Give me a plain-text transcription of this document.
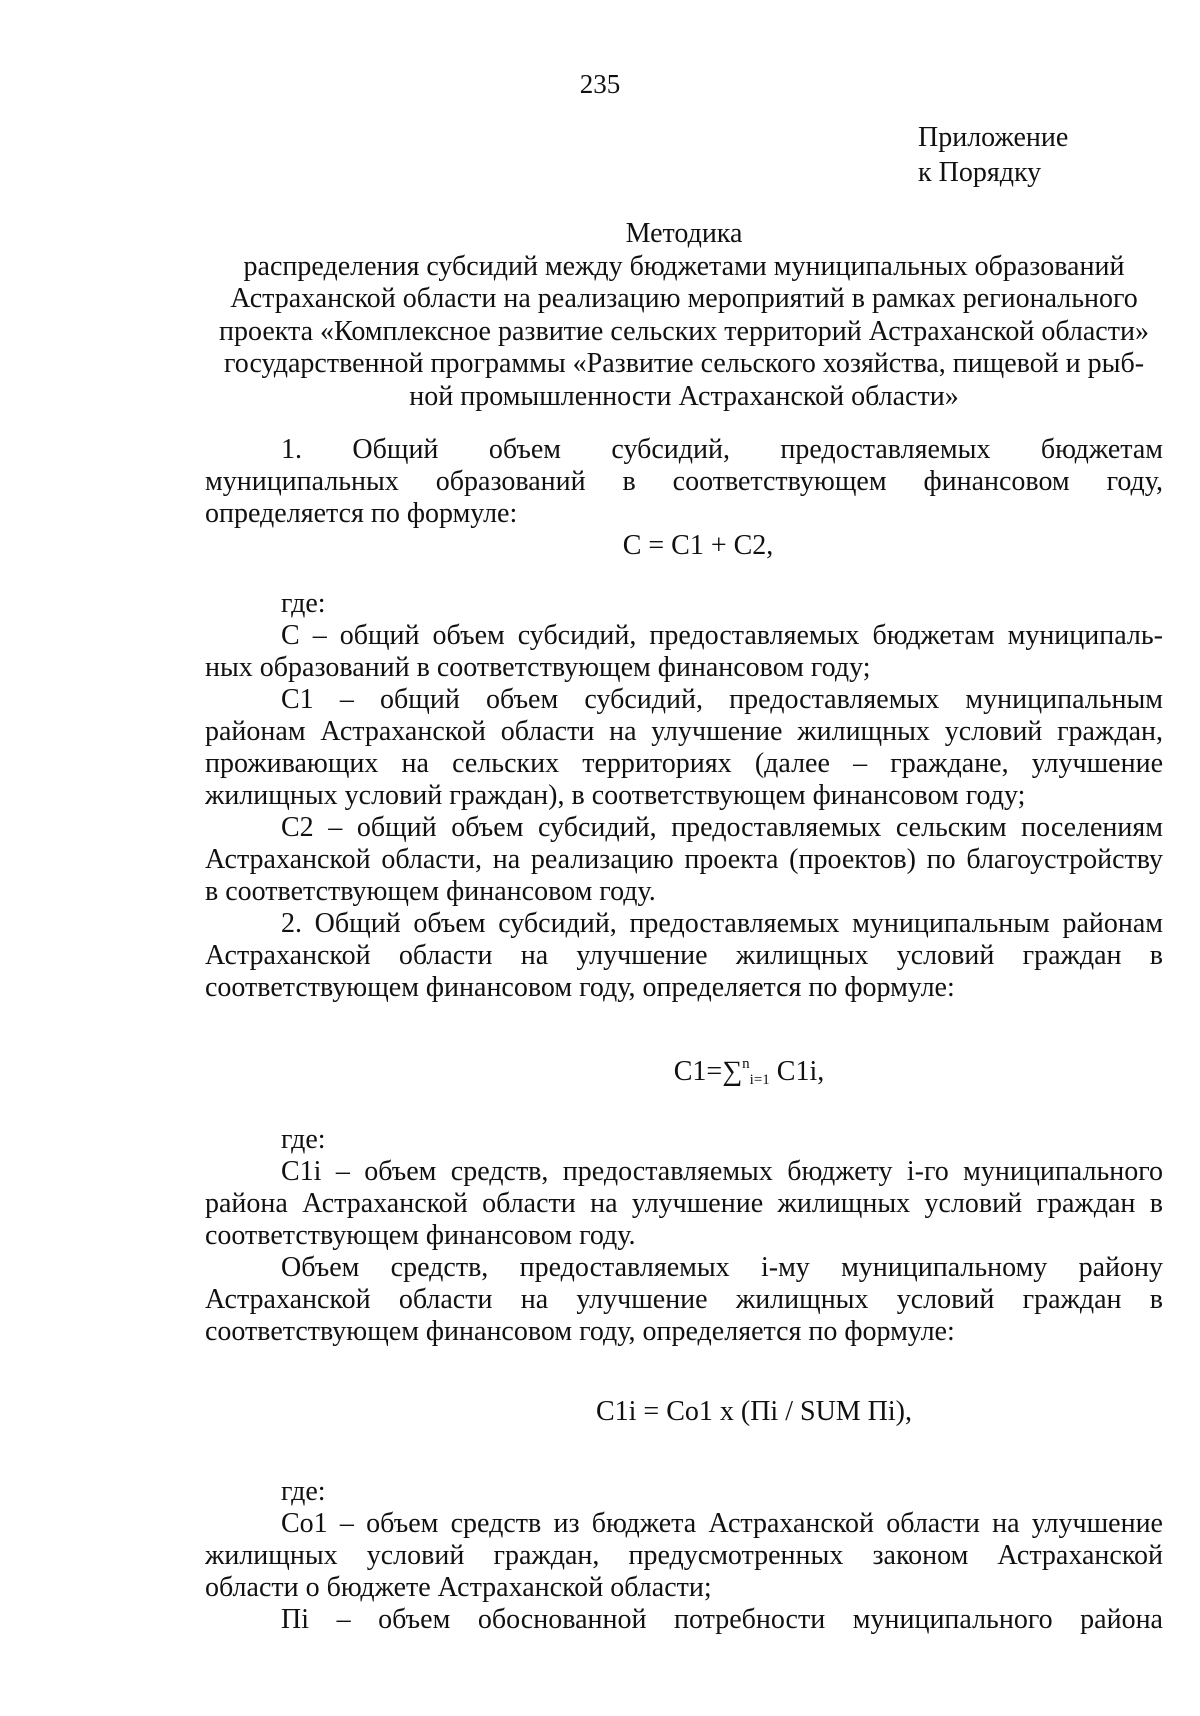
235
Приложение
к Порядку
Методика
распределения субсидий между бюджетами муниципальных образований
Астраханской области на реализацию мероприятий в рамках регионального
проекта «Комплексное развитие сельских территорий Астраханской области»
государственной программы «Развитие сельского хозяйства, пищевой и рыб-
ной промышленности Астраханской области»
1. Общий объем субсидий, предоставляемых бюджетам
муниципальных образований в соответствующем финансовом году,
определяется по формуле:
С = С1 + С2,
где:
С – общий объем субсидий, предоставляемых бюджетам муниципаль-
ных образований в соответствующем финансовом году;
С1 – общий объем субсидий, предоставляемых муниципальным
районам Астраханской области на улучшение жилищных условий граждан,
проживающих на сельских территориях (далее – граждане, улучшение
жилищных условий граждан), в соответствующем финансовом году;
С2 – общий объем субсидий, предоставляемых сельским поселениям
Астраханской области, на реализацию проекта (проектов) по благоустройству
в соответствующем финансовом году.
2. Общий объем субсидий, предоставляемых муниципальным районам
Астраханской области на улучшение жилищных условий граждан в
соответствующем финансовом году, определяется по формуле:
С1=∑$^n_{i=1}$ С1i,
где:
С1i – объем средств, предоставляемых бюджету i-го муниципального
района Астраханской области на улучшение жилищных условий граждан в
соответствующем финансовом году.
Объем средств, предоставляемых i-му муниципальному району
Астраханской области на улучшение жилищных условий граждан в
соответствующем финансовом году, определяется по формуле:
С1i = Со1 х (Пi / SUM Пi),
где:
Со1 – объем средств из бюджета Астраханской области на улучшение
жилищных условий граждан, предусмотренных законом Астраханской
области о бюджете Астраханской области;
Пi – объем обоснованной потребности муниципального района
